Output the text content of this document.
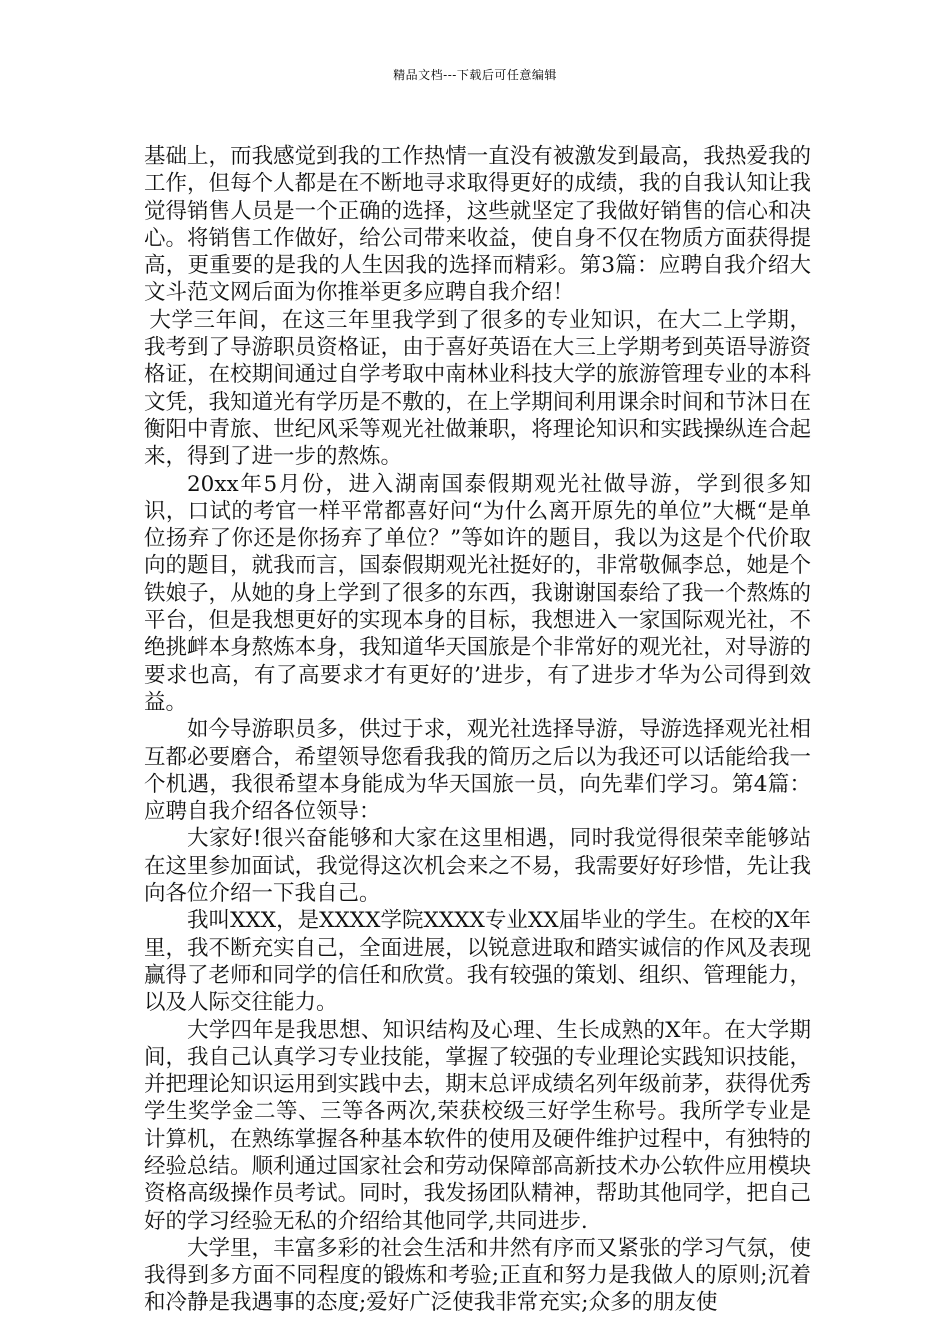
精品文档---下载后可任意编辑

基础上，而我感觉到我的工作热情一直没有被激发到最高，我热爱我的工作，但每个人都是在不断地寻求取得更好的成绩，我的自我认知让我觉得销售人员是一个正确的选择，这些就坚定了我做好销售的信心和决心。将销售工作做好，给公司带来收益，使自身不仅在物质方面获得提高，更重要的是我的人生因我的选择而精彩。第3篇：应聘自我介绍大文斗范文网后面为你推举更多应聘自我介绍！

大学三年间，在这三年里我学到了很多的专业知识，在大二上学期，我考到了导游职员资格证，由于喜好英语在大三上学期考到英语导游资格证，在校期间通过自学考取中南林业科技大学的旅游管理专业的本科文凭，我知道光有学历是不敷的，在上学期间利用课余时间和节沐日在衡阳中青旅、世纪风采等观光社做兼职，将理论知识和实践操纵连合起来，得到了进一步的熬炼。

20xx年5月份，进入湖南国泰假期观光社做导游，学到很多知识，口试的考官一样平常都喜好问“为什么离开原先的单位”大概“是单位扬弃了你还是你扬弃了单位？”等如许的题目，我以为这是个代价取向的题目，就我而言，国泰假期观光社挺好的，非常敬佩李总，她是个铁娘子，从她的身上学到了很多的东西，我谢谢国泰给了我一个熬炼的平台，但是我想更好的实现本身的目标，我想进入一家国际观光社，不绝挑衅本身熬炼本身，我知道华天国旅是个非常好的观光社，对导游的要求也高，有了高要求才有更好的’进步，有了进步才华为公司得到效益。

如今导游职员多，供过于求，观光社选择导游，导游选择观光社相互都必要磨合，希望领导您看我我的简历之后以为我还可以话能给我一个机遇，我很希望本身能成为华天国旅一员，向先辈们学习。第4篇：应聘自我介绍各位领导：

大家好!很兴奋能够和大家在这里相遇，同时我觉得很荣幸能够站在这里参加面试，我觉得这次机会来之不易，我需要好好珍惜，先让我向各位介绍一下我自己。

我叫XXX，是XXXX学院XXXX专业XX届毕业的学生。在校的X年里，我不断充实自己，全面进展，以锐意进取和踏实诚信的作风及表现赢得了老师和同学的信任和欣赏。我有较强的策划、组织、管理能力，以及人际交往能力。

大学四年是我思想、知识结构及心理、生长成熟的X年。在大学期间，我自己认真学习专业技能，掌握了较强的专业理论实践知识技能，并把理论知识运用到实践中去，期末总评成绩名列年级前茅，获得优秀学生奖学金二等、三等各两次,荣获校级三好学生称号。我所学专业是计算机，在熟练掌握各种基本软件的使用及硬件维护过程中，有独特的经验总结。顺利通过国家社会和劳动保障部高新技术办公软件应用模块资格高级操作员考试。同时，我发扬团队精神，帮助其他同学，把自己好的学习经验无私的介绍给其他同学,共同进步.

大学里，丰富多彩的社会生活和井然有序而又紧张的学习气氛，使我得到多方面不同程度的锻炼和考验;正直和努力是我做人的原则;沉着和冷静是我遇事的态度;爱好广泛使我非常充实;众多的朋友使
